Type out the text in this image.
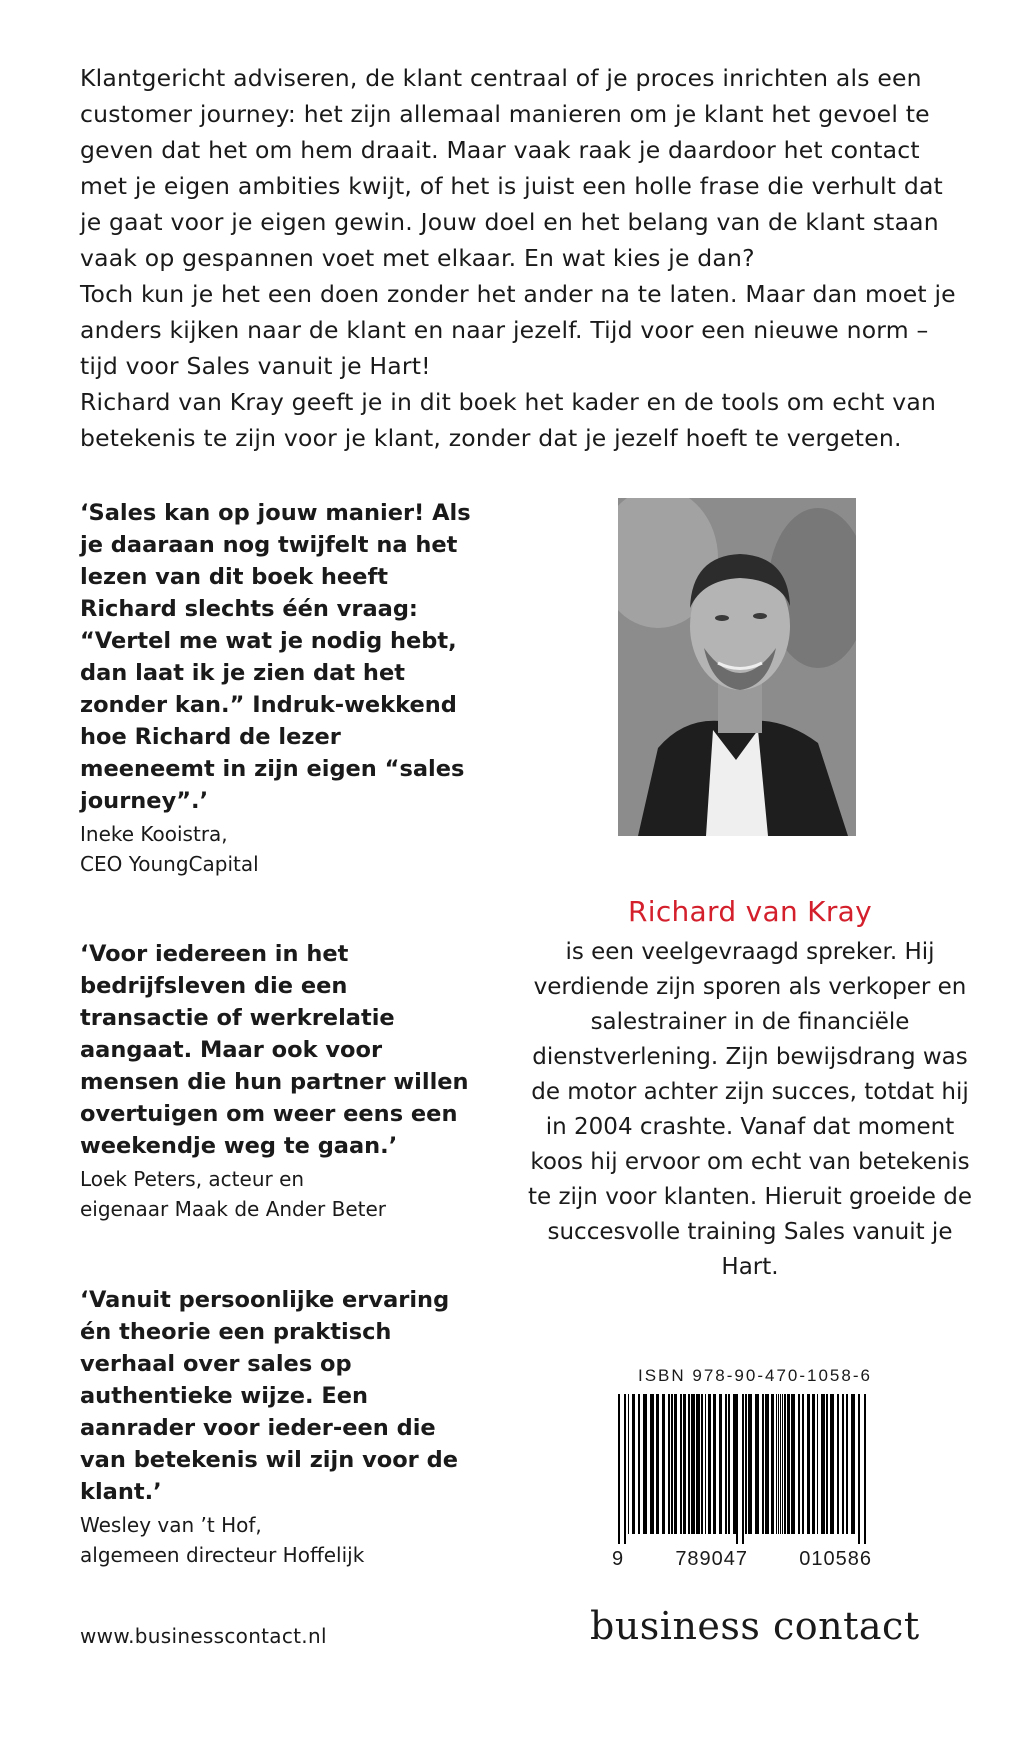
Klantgericht adviseren, de klant centraal of je proces inrichten als een customer journey: het zijn allemaal manieren om je klant het gevoel te geven dat het om hem draait. Maar vaak raak je daardoor het contact met je eigen ambities kwijt, of het is juist een holle frase die verhult dat je gaat voor je eigen gewin. Jouw doel en het belang van de klant staan vaak op gespannen voet met elkaar. En wat kies je dan?

Toch kun je het een doen zonder het ander na te laten. Maar dan moet je anders kijken naar de klant en naar jezelf. Tijd voor een nieuwe norm – tijd voor Sales vanuit je Hart!

Richard van Kray geeft je in dit boek het kader en de tools om echt van betekenis te zijn voor je klant, zonder dat je jezelf hoeft te vergeten.

‘Sales kan op jouw manier! Als je daaraan nog twijfelt na het lezen van dit boek heeft Richard slechts één vraag: “Vertel me wat je nodig hebt, dan laat ik je zien dat het zonder kan.” Indruk-wekkend hoe Richard de lezer meeneemt in zijn eigen “sales journey”.’

Ineke Kooistra,
CEO YoungCapital

‘Voor iedereen in het bedrijfsleven die een transactie of werkrelatie aangaat. Maar ook voor mensen die hun partner willen overtuigen om weer eens een weekendje weg te gaan.’

Loek Peters, acteur en
eigenaar Maak de Ander Beter

‘Vanuit persoonlijke ervaring én theorie een praktisch verhaal over sales op authentieke wijze. Een aanrader voor ieder-een die van betekenis wil zijn voor de klant.’

Wesley van ’t Hof,
algemeen directeur Hoffelijk

Richard van Kray
is een veelgevraagd spreker. Hij verdiende zijn sporen als verkoper en salestrainer in de financiële dienstverlening. Zijn bewijsdrang was de motor achter zijn succes, totdat hij in 2004 crashte. Vanaf dat moment koos hij ervoor om echt van betekenis te zijn voor klanten. Hieruit groeide de succesvolle training Sales vanuit je Hart.
ISBN 978-90-470-1058-6
9	789047	010586
www.businesscontact.nl	business contact
